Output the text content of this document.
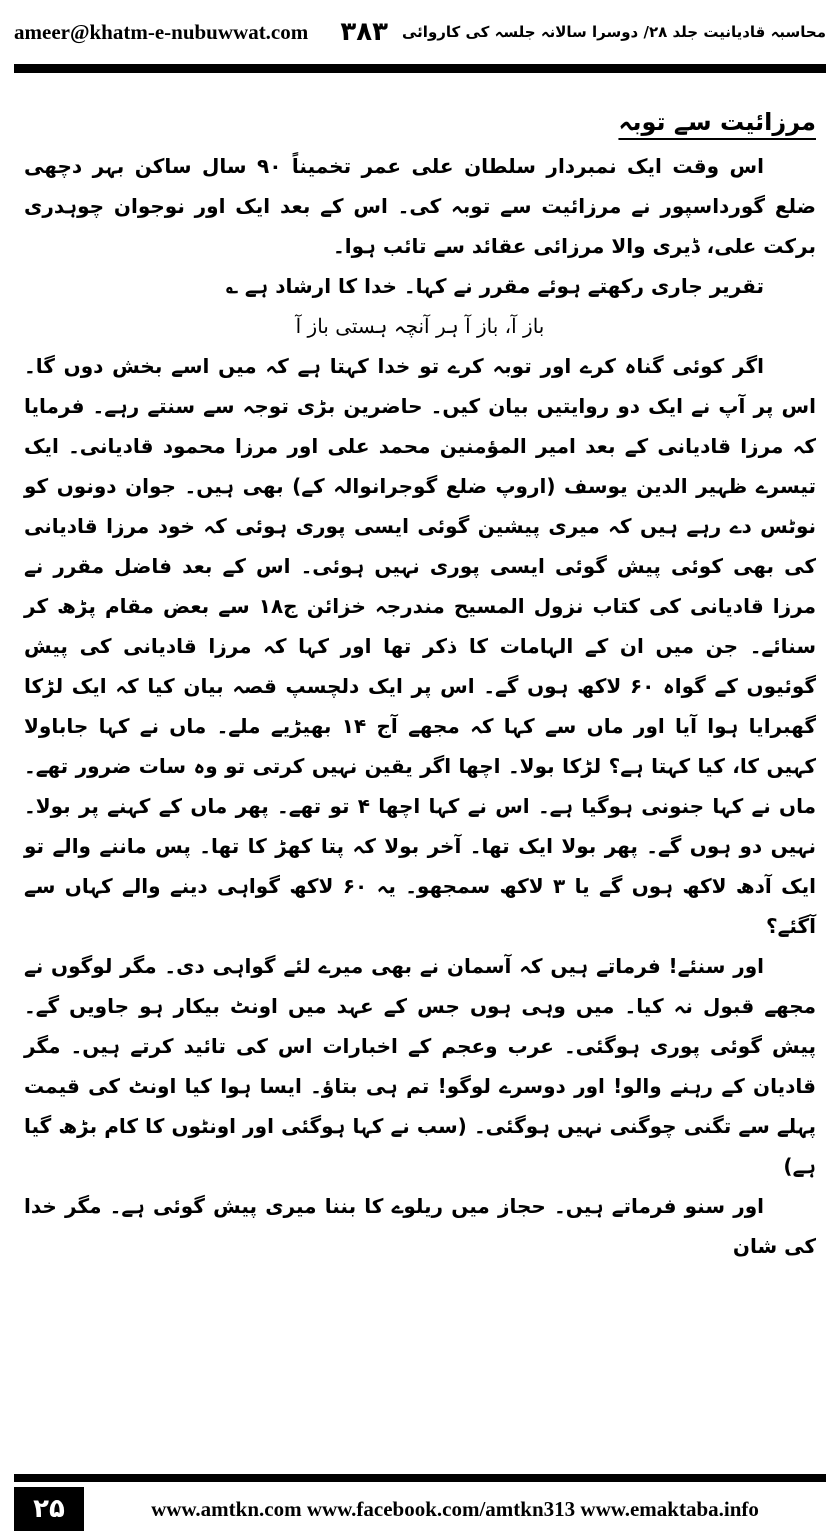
ameer@khatm-e-nubuwwat.com ۳۸۳ محاسبہ قادیانیت جلد ۲۸/ دوسرا سالانہ جلسہ کی کاروائی
مرزائیت سے توبہ

اس وقت ایک نمبردار سلطان علی عمر تخمیناً ۹۰ سال ساکن بہر دچھی ضلع گورداسپور نے مرزائیت سے توبہ کی۔ اس کے بعد ایک اور نوجوان چوہدری برکت علی، ڈیری والا مرزائی عقائد سے تائب ہوا۔

تقریر جاری رکھتے ہوئے مقرر نے کہا۔ خدا کا ارشاد ہے ؎

باز آ، باز آ ہر آنچہ ہستی باز آ

اگر کوئی گناہ کرے اور توبہ کرے تو خدا کہتا ہے کہ میں اسے بخش دوں گا۔ اس پر آپ نے ایک دو روایتیں بیان کیں۔ حاضرین بڑی توجہ سے سنتے رہے۔ فرمایا کہ مرزا قادیانی کے بعد امیر المؤمنین محمد علی اور مرزا محمود قادیانی۔ ایک تیسرے ظہیر الدین یوسف (اروپ ضلع گوجرانوالہ کے) بھی ہیں۔ جوان دونوں کو نوٹس دے رہے ہیں کہ میری پیشین گوئی ایسی پوری ہوئی کہ خود مرزا قادیانی کی بھی کوئی پیش گوئی ایسی پوری نہیں ہوئی۔ اس کے بعد فاضل مقرر نے مرزا قادیانی کی کتاب نزول المسیح مندرجہ خزائن ج۱۸ سے بعض مقام پڑھ کر سنائے۔ جن میں ان کے الہامات کا ذکر تھا اور کہا کہ مرزا قادیانی کی پیش گوئیوں کے گواہ ۶۰ لاکھ ہوں گے۔ اس پر ایک دلچسپ قصہ بیان کیا کہ ایک لڑکا گھبرایا ہوا آیا اور ماں سے کہا کہ مجھے آج ۱۴ بھیڑیے ملے۔ ماں نے کہا جاباولا کہیں کا، کیا کہتا ہے؟ لڑکا بولا۔ اچھا اگر یقین نہیں کرتی تو وہ سات ضرور تھے۔ ماں نے کہا جنونی ہوگیا ہے۔ اس نے کہا اچھا ۴ تو تھے۔ پھر ماں کے کہنے پر بولا۔ نہیں دو ہوں گے۔ پھر بولا ایک تھا۔ آخر بولا کہ پتا کھڑ کا تھا۔ پس ماننے والے تو ایک آدھ لاکھ ہوں گے یا ۳ لاکھ سمجھو۔ یہ ۶۰ لاکھ گواہی دینے والے کہاں سے آگئے؟

اور سنئے! فرماتے ہیں کہ آسمان نے بھی میرے لئے گواہی دی۔ مگر لوگوں نے مجھے قبول نہ کیا۔ میں وہی ہوں جس کے عہد میں اونٹ بیکار ہو جاویں گے۔ پیش گوئی پوری ہوگئی۔ عرب وعجم کے اخبارات اس کی تائید کرتے ہیں۔ مگر قادیان کے رہنے والو! اور دوسرے لوگو! تم ہی بتاؤ۔ ایسا ہوا کیا اونٹ کی قیمت پہلے سے تگنی چوگنی نہیں ہوگئی۔ (سب نے کہا ہوگئی اور اونٹوں کا کام بڑھ گیا ہے)

اور سنو فرماتے ہیں۔ حجاز میں ریلوے کا بننا میری پیش گوئی ہے۔ مگر خدا کی شان

۲۵	www.amtkn.com www.facebook.com/amtkn313 www.emaktaba.info
